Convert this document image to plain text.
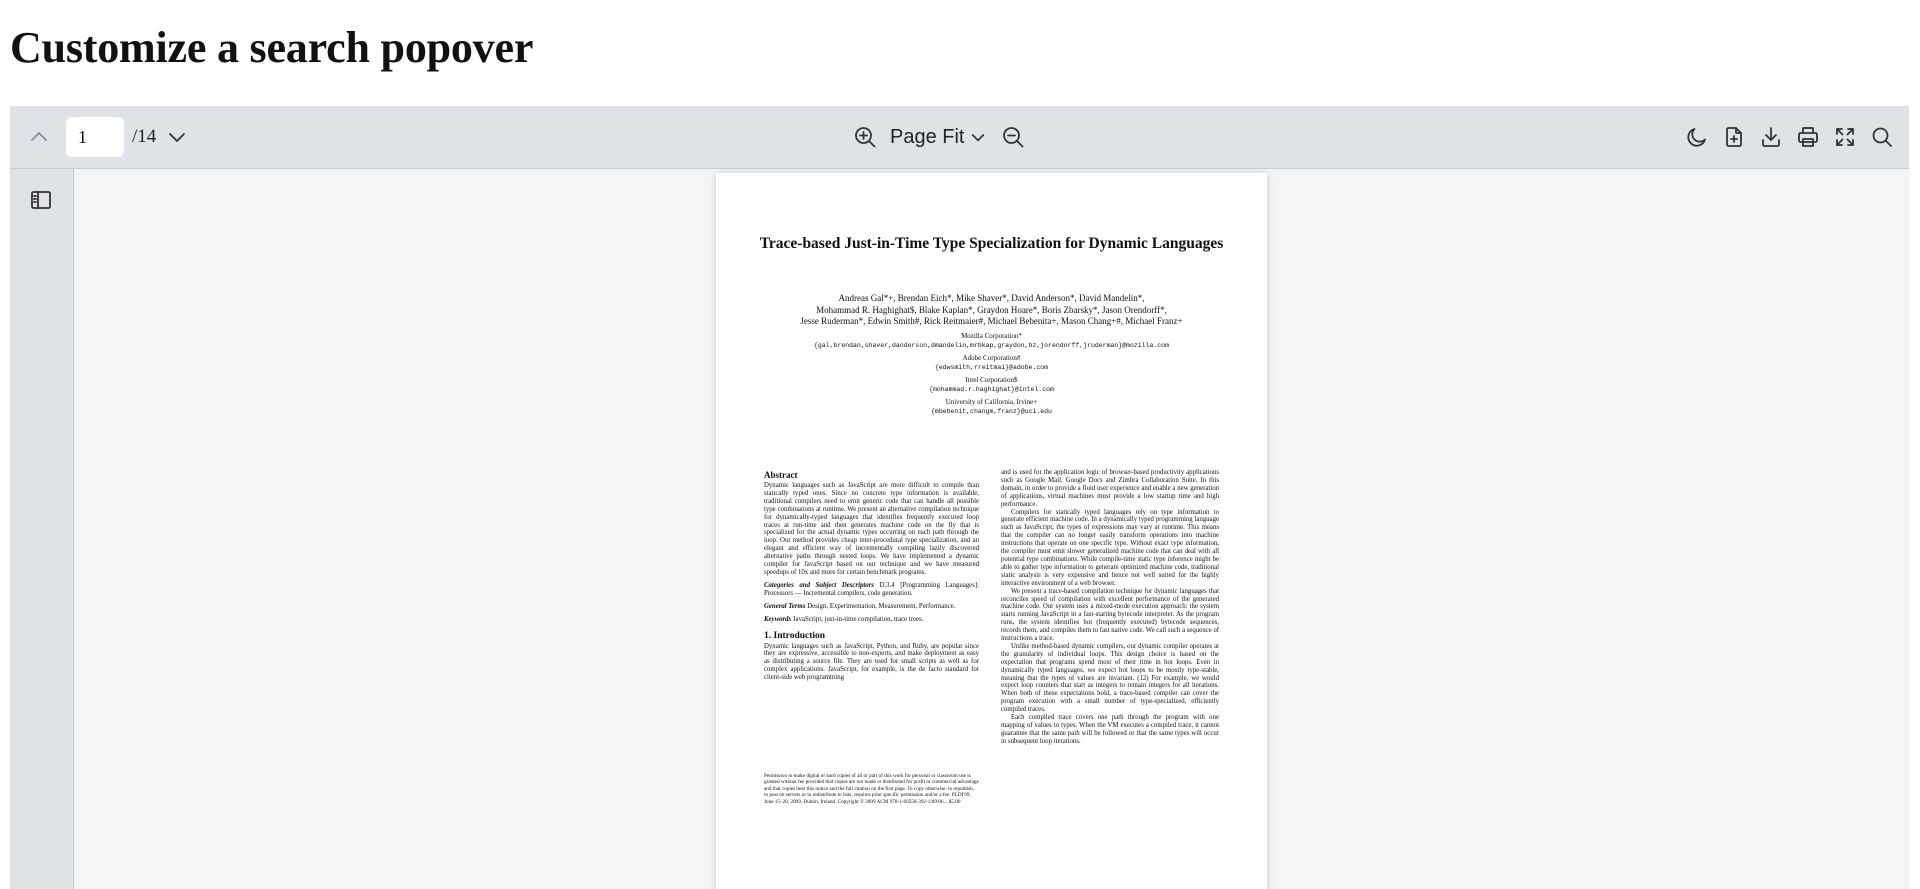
Customize a search popover
1
/14	Page Fit
Trace-based Just-in-Time Type Specialization for Dynamic Languages
Andreas Gal*+, Brendan Eich*, Mike Shaver*, David Anderson*, David Mandelin*,
Mohammad R. Haghighat$, Blake Kaplan*, Graydon Hoare*, Boris Zbarsky*, Jason Orendorff*,
Jesse Ruderman*, Edwin Smith#, Rick Reitmaier#, Michael Bebenita+, Mason Chang+#, Michael Franz+
Mozilla Corporation*
{gal,brendan,shaver,danderson,dmandelin,mrbkap,graydon,bz,jorendorff,jruderman}@mozilla.com
Adobe Corporation#
{edwsmith,rreitmai}@adobe.com
Intel Corporation$
{mohammad.r.haghighat}@intel.com
University of California, Irvine+
{mbebenit,changm,franz}@uci.edu
Abstract

Dynamic languages such as JavaScript are more difficult to compile than statically typed ones. Since no concrete type information is available, traditional compilers need to emit generic code that can handle all possible type combinations at runtime. We present an alternative compilation technique for dynamically-typed languages that identifies frequently executed loop traces at run-time and then generates machine code on the fly that is specialized for the actual dynamic types occurring on each path through the loop. Our method provides cheap inter-procedural type specialization, and an elegant and efficient way of incrementally compiling lazily discovered alternative paths through nested loops. We have implemented a dynamic compiler for JavaScript based on our technique and we have measured speedups of 10x and more for certain benchmark programs.

Categories and Subject Descriptors D.3.4 [Programming Languages]: Processors — Incremental compilers, code generation.
General Terms Design, Experimentation, Measurement, Performance.
Keywords JavaScript, just-in-time compilation, trace trees.
1. Introduction

Dynamic languages such as JavaScript, Python, and Ruby, are popular since they are expressive, accessible to non-experts, and make deployment as easy as distributing a source file. They are used for small scripts as well as for complex applications. JavaScript, for example, is the de facto standard for client-side web programming

Permission to make digital or hard copies of all or part of this work for personal or classroom use is granted without fee provided that copies are not made or distributed for profit or commercial advantage and that copies bear this notice and the full citation on the first page. To copy otherwise, to republish, to post on servers or to redistribute to lists, requires prior specific permission and/or a fee. PLDI'09, June 15–20, 2009, Dublin, Ireland. Copyright © 2009 ACM 978-1-60558-392-1/09/06... $5.00

and is used for the application logic of browser-based productivity applications such as Google Mail, Google Docs and Zimbra Collaboration Suite. In this domain, in order to provide a fluid user experience and enable a new generation of applications, virtual machines must provide a low startup time and high performance.

Compilers for statically typed languages rely on type information to generate efficient machine code. In a dynamically typed programming language such as JavaScript, the types of expressions may vary at runtime. This means that the compiler can no longer easily transform operations into machine instructions that operate on one specific type. Without exact type information, the compiler must emit slower generalized machine code that can deal with all potential type combinations. While compile-time static type inference might be able to gather type information to generate optimized machine code, traditional static analysis is very expensive and hence not well suited for the highly interactive environment of a web browser.

We present a trace-based compilation technique for dynamic languages that reconciles speed of compilation with excellent performance of the generated machine code. Our system uses a mixed-mode execution approach: the system starts running JavaScript in a fast-starting bytecode interpreter. As the program runs, the system identifies hot (frequently executed) bytecode sequences, records them, and compiles them to fast native code. We call such a sequence of instructions a trace.

Unlike method-based dynamic compilers, our dynamic compiler operates at the granularity of individual loops. This design choice is based on the expectation that programs spend most of their time in hot loops. Even in dynamically typed languages, we expect hot loops to be mostly type-stable, meaning that the types of values are invariant. (12) For example, we would expect loop counters that start as integers to remain integers for all iterations. When both of these expectations hold, a trace-based compiler can cover the program execution with a small number of type-specialized, efficiently compiled traces.

Each compiled trace covers one path through the program with one mapping of values to types. When the VM executes a compiled trace, it cannot guarantee that the same path will be followed or that the same types will occur in subsequent loop iterations.
